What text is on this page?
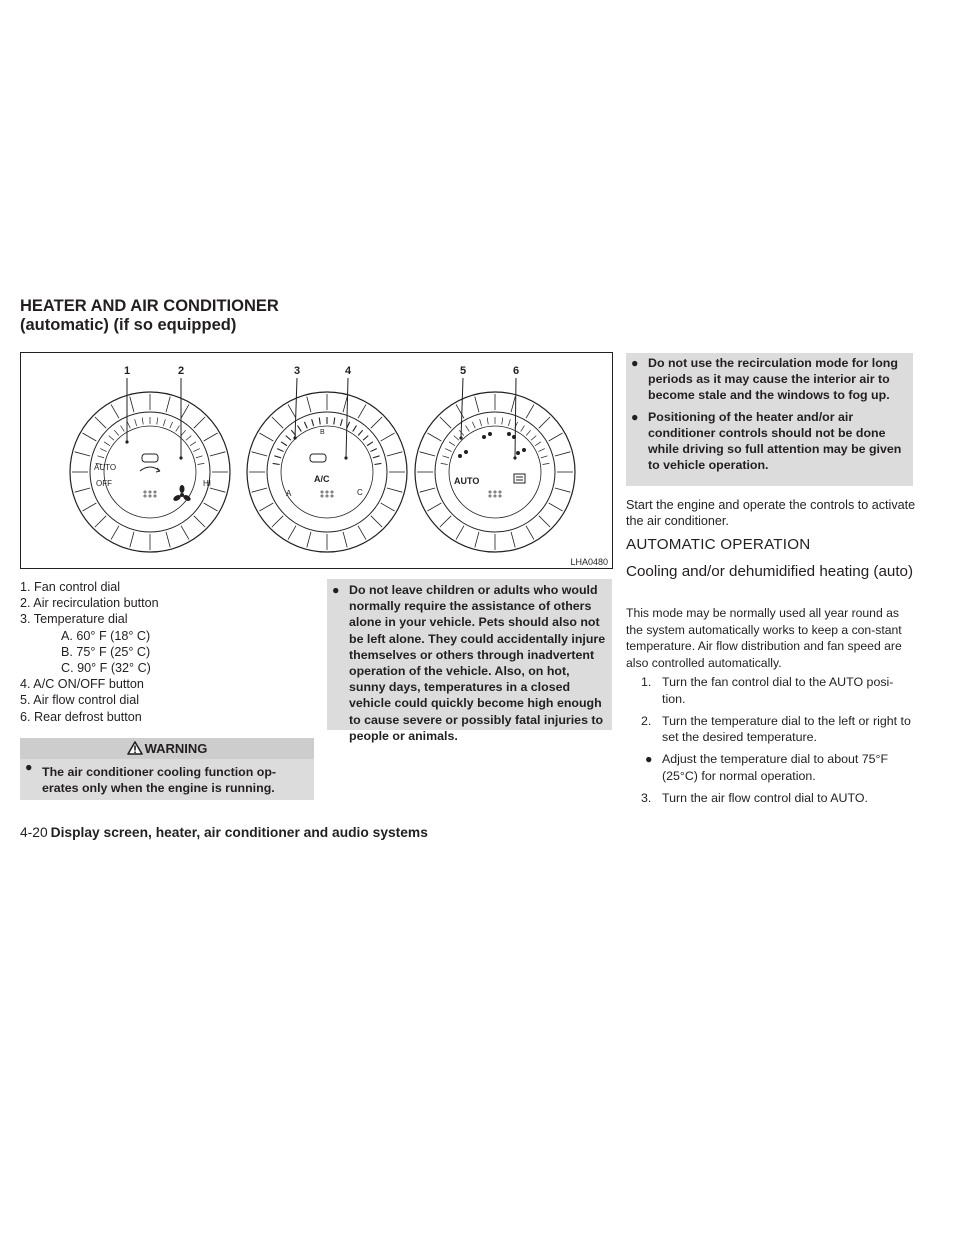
HEATER AND AIR CONDITIONER
(automatic) (if so equipped)
1	2	3	4	5	6
AUTO
OFF	HI	A/C
B
A	C
AUTO
LHA0480
1. Fan control dial
2. Air recirculation button
3. Temperature dial
A. 60° F (18° C)
B. 75° F (25° C)
C. 90° F (32° C)
4. A/C ON/OFF button
5. Air flow control dial
6. Rear defrost button
WARNING
● The air conditioner cooling function op-erates only when the engine is running.
● Do not leave children or adults who would normally require the assistance of others alone in your vehicle. Pets should also not be left alone. They could accidentally injure themselves or others through inadvertent operation of the vehicle. Also, on hot, sunny days, temperatures in a closed vehicle could quickly become high enough to cause severe or possibly fatal injuries to people or animals.
● Do not use the recirculation mode for long periods as it may cause the interior air to become stale and the windows to fog up.
● Positioning of the heater and/or air conditioner controls should not be done while driving so full attention may be given to vehicle operation.
Start the engine and operate the controls to activate the air conditioner.
AUTOMATIC OPERATION
Cooling and/or dehumidified heating (auto)
This mode may be normally used all year round as the system automatically works to keep a con-stant temperature. Air flow distribution and fan speed are also controlled automatically.
1. Turn the fan control dial to the AUTO posi-tion.
2. Turn the temperature dial to the left or right to set the desired temperature.
● Adjust the temperature dial to about 75°F (25°C) for normal operation.
3. Turn the air flow control dial to AUTO.
4-20 Display screen, heater, air conditioner and audio systems
